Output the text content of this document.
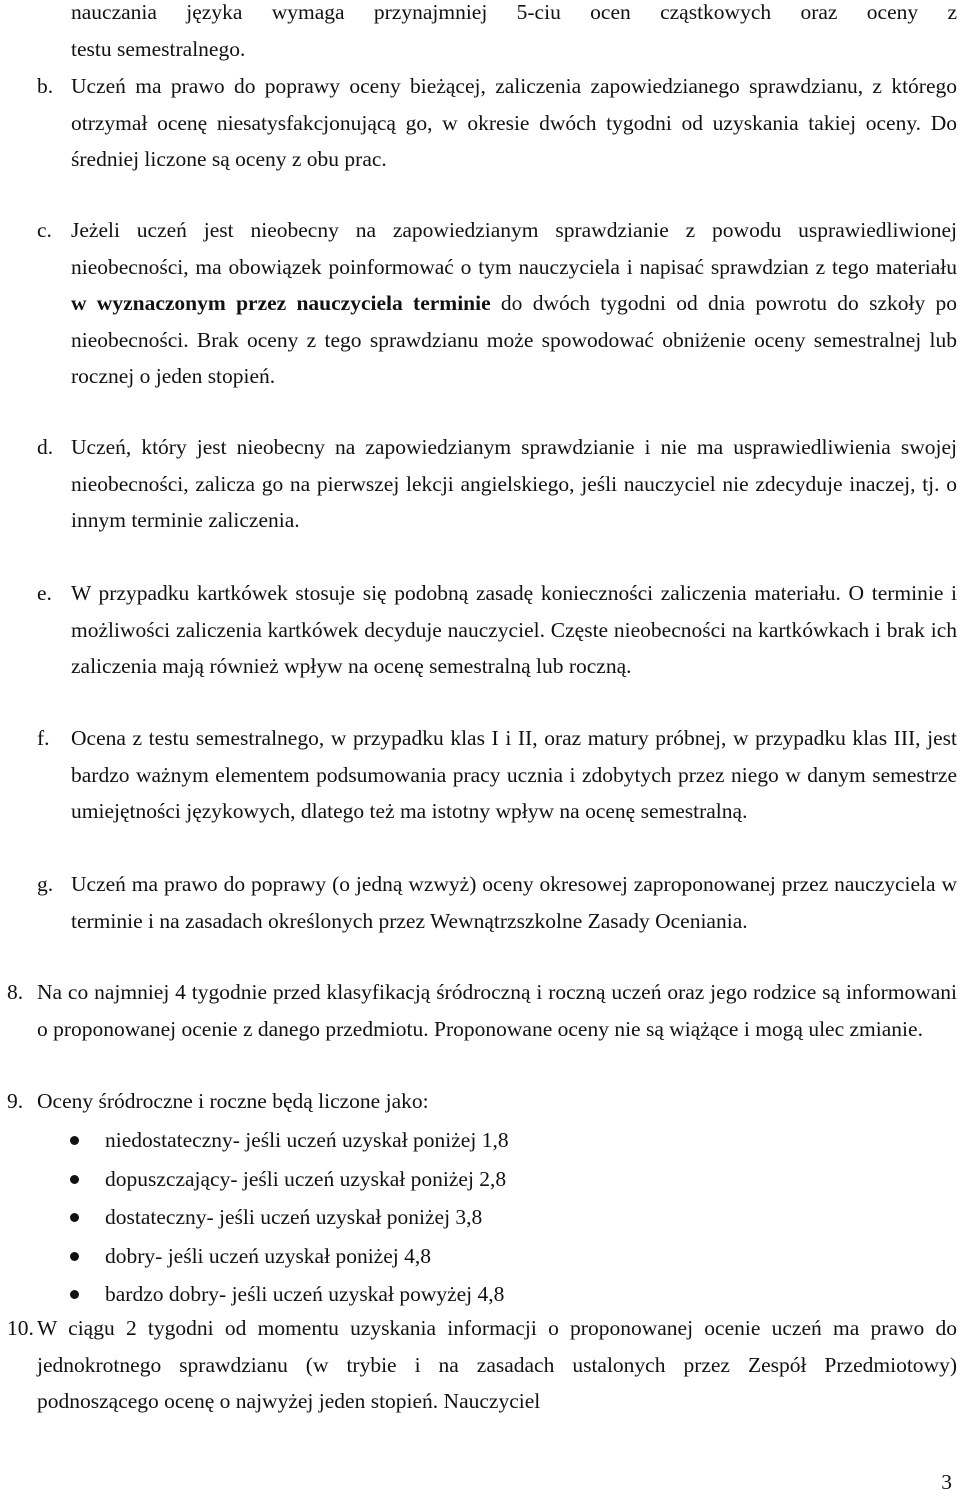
nauczania języka wymaga przynajmniej 5-ciu ocen cząstkowych oraz oceny z
testu semestralnego.
b. Uczeń ma prawo do poprawy oceny bieżącej, zaliczenia zapowiedzianego sprawdzianu, z którego otrzymał ocenę niesatysfakcjonującą go, w okresie dwóch tygodni od uzyskania takiej oceny. Do średniej liczone są oceny z obu prac.
c. Jeżeli uczeń jest nieobecny na zapowiedzianym sprawdzianie z powodu usprawiedliwionej nieobecności, ma obowiązek poinformować o tym nauczyciela i napisać sprawdzian z tego materiału w wyznaczonym przez nauczyciela terminie do dwóch tygodni od dnia powrotu do szkoły po nieobecności. Brak oceny z tego sprawdzianu może spowodować obniżenie oceny semestralnej lub rocznej o jeden stopień.
d. Uczeń, który jest nieobecny na zapowiedzianym sprawdzianie i nie ma usprawiedliwienia swojej nieobecności, zalicza go na pierwszej lekcji angielskiego, jeśli nauczyciel nie zdecyduje inaczej, tj. o innym terminie zaliczenia.
e. W przypadku kartkówek stosuje się podobną zasadę konieczności zaliczenia materiału. O terminie i możliwości zaliczenia kartkówek decyduje nauczyciel. Częste nieobecności na kartkówkach i brak ich zaliczenia mają również wpływ na ocenę semestralną lub roczną.
f. Ocena z testu semestralnego, w przypadku klas I i II, oraz matury próbnej, w przypadku klas III, jest bardzo ważnym elementem podsumowania pracy ucznia i zdobytych przez niego w danym semestrze umiejętności językowych, dlatego też ma istotny wpływ na ocenę semestralną.
g. Uczeń ma prawo do poprawy (o jedną wzwyż) oceny okresowej zaproponowanej przez nauczyciela w terminie i na zasadach określonych przez Wewnątrzszkolne Zasady Oceniania.
8. Na co najmniej 4 tygodnie przed klasyfikacją śródroczną i roczną uczeń oraz jego rodzice są informowani o proponowanej ocenie z danego przedmiotu. Proponowane oceny nie są wiążące i mogą ulec zmianie.
9. Oceny śródroczne i roczne będą liczone jako:
niedostateczny- jeśli uczeń uzyskał poniżej 1,8
dopuszczający- jeśli uczeń uzyskał poniżej 2,8
dostateczny- jeśli uczeń uzyskał poniżej 3,8
dobry- jeśli uczeń uzyskał poniżej 4,8
bardzo dobry- jeśli uczeń uzyskał powyżej 4,8
10. W ciągu 2 tygodni od momentu uzyskania informacji o proponowanej ocenie uczeń ma prawo do jednokrotnego sprawdzianu (w trybie i na zasadach ustalonych przez Zespół Przedmiotowy) podnoszącego ocenę o najwyżej jeden stopień. Nauczyciel
3
